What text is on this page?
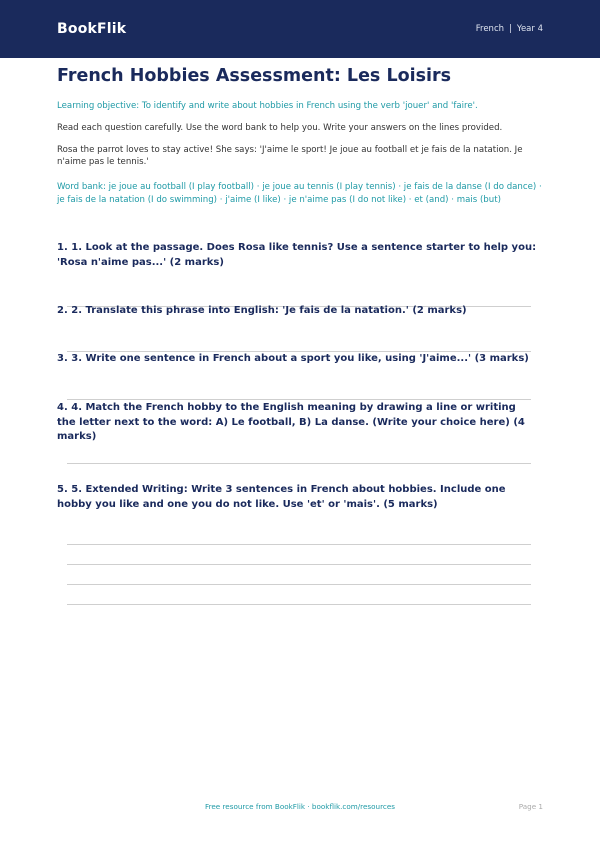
BookFlik	French | Year 4
French Hobbies Assessment: Les Loisirs
Learning objective: To identify and write about hobbies in French using the verb 'jouer' and 'faire'.
Read each question carefully. Use the word bank to help you. Write your answers on the lines provided.
Rosa the parrot loves to stay active! She says: 'J'aime le sport! Je joue au football et je fais de la natation. Je n'aime pas le tennis.'
Word bank: je joue au football (I play football) · je joue au tennis (I play tennis) · je fais de la danse (I do dance) · je fais de la natation (I do swimming) · j'aime (I like) · je n'aime pas (I do not like) · et (and) · mais (but)
1. 1. Look at the passage. Does Rosa like tennis? Use a sentence starter to help you: 'Rosa n'aime pas...' (2 marks)
2. 2. Translate this phrase into English: 'Je fais de la natation.' (2 marks)
3. 3. Write one sentence in French about a sport you like, using 'J'aime...' (3 marks)
4. 4. Match the French hobby to the English meaning by drawing a line or writing the letter next to the word: A) Le football, B) La danse. (Write your choice here) (4 marks)
5. 5. Extended Writing: Write 3 sentences in French about hobbies. Include one hobby you like and one you do not like. Use 'et' or 'mais'. (5 marks)
Free resource from BookFlik · bookflik.com/resources	Page 1
